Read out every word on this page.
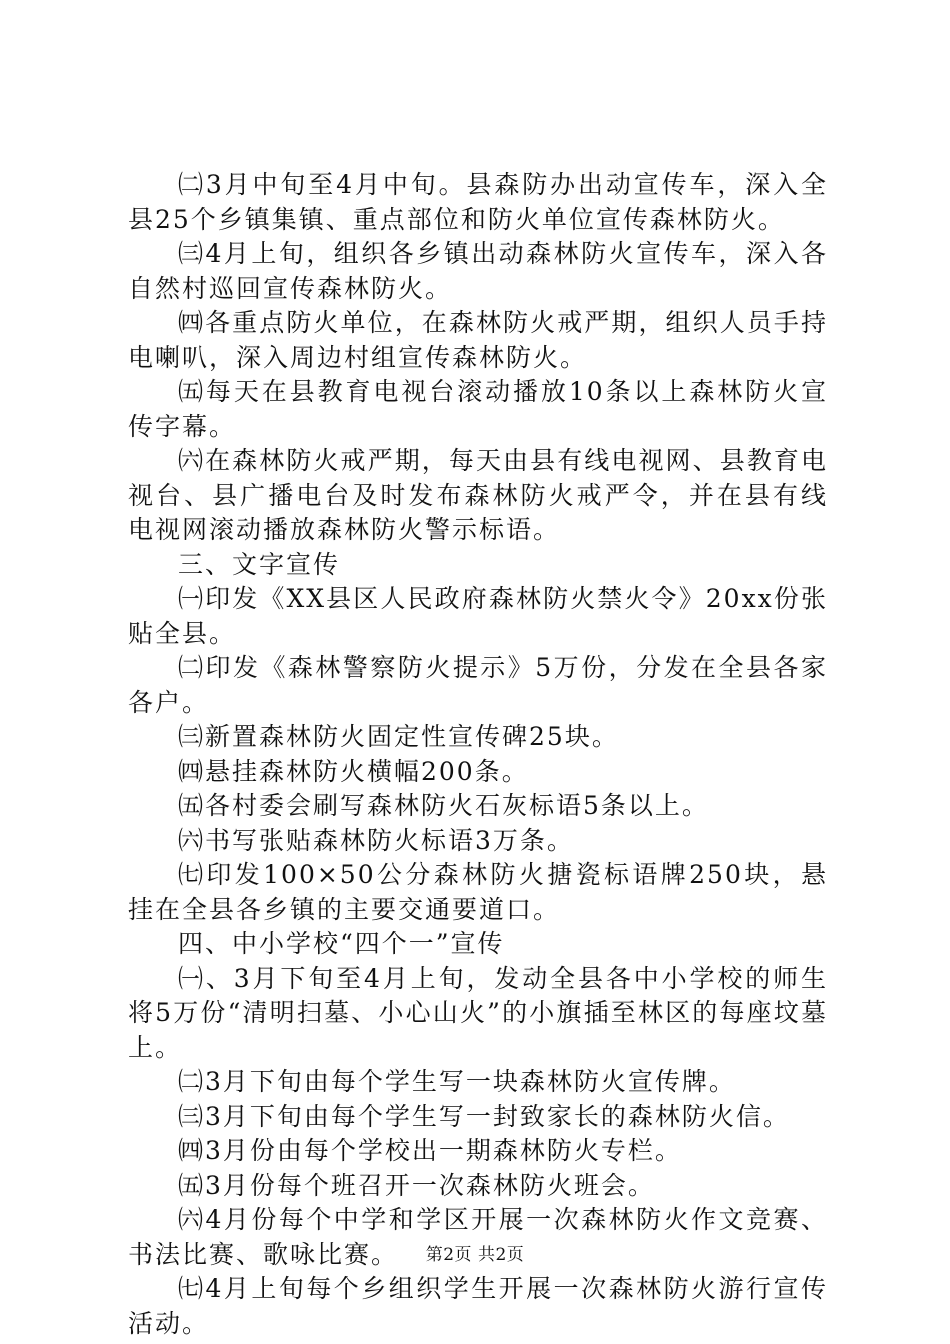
㈡3月中旬至4月中旬。县森防办出动宣传车，深入全县25个乡镇集镇、重点部位和防火单位宣传森林防火。

㈢4月上旬，组织各乡镇出动森林防火宣传车，深入各自然村巡回宣传森林防火。

㈣各重点防火单位，在森林防火戒严期，组织人员手持电喇叭，深入周边村组宣传森林防火。

㈤每天在县教育电视台滚动播放10条以上森林防火宣传字幕。

㈥在森林防火戒严期，每天由县有线电视网、县教育电视台、县广播电台及时发布森林防火戒严令，并在县有线电视网滚动播放森林防火警示标语。

三、文字宣传

㈠印发《XX县区人民政府森林防火禁火令》20xx份张贴全县。

㈡印发《森林警察防火提示》5万份，分发在全县各家各户。

㈢新置森林防火固定性宣传碑25块。

㈣悬挂森林防火横幅200条。

㈤各村委会刷写森林防火石灰标语5条以上。

㈥书写张贴森林防火标语3万条。

㈦印发100×50公分森林防火搪瓷标语牌250块，悬挂在全县各乡镇的主要交通要道口。

四、中小学校“四个一”宣传

㈠、3月下旬至4月上旬，发动全县各中小学校的师生将5万份“清明扫墓、小心山火”的小旗插至林区的每座坟墓上。

㈡3月下旬由每个学生写一块森林防火宣传牌。

㈢3月下旬由每个学生写一封致家长的森林防火信。

㈣3月份由每个学校出一期森林防火专栏。

㈤3月份每个班召开一次森林防火班会。

㈥4月份每个中学和学区开展一次森林防火作文竞赛、书法比赛、歌咏比赛。

㈦4月上旬每个乡组织学生开展一次森林防火游行宣传活动。

第2页 共2页
